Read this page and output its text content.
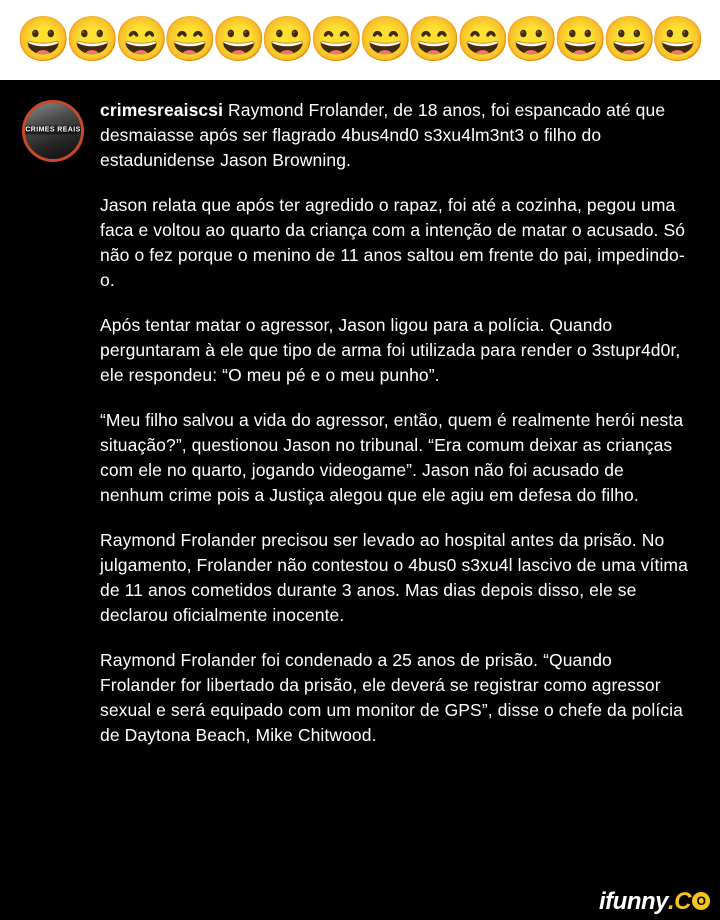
😀
😀
😄
😄
😀
😀
😄
😄
😄
😄
😀
😀
😀
😀
CRIMES REAIS

crimesreaiscsi Raymond Frolander, de 18 anos, foi espancado até que desmaiasse após ser flagrado 4bus4nd0 s3xu4lm3nt3 o filho do estadunidense Jason Browning.

Jason relata que após ter agredido o rapaz, foi até a cozinha, pegou uma faca e voltou ao quarto da criança com a intenção de matar o acusado. Só não o fez porque o menino de 11 anos saltou em frente do pai, impedindo-o.

Após tentar matar o agressor, Jason ligou para a polícia. Quando perguntaram à ele que tipo de arma foi utilizada para render o 3stupr4d0r, ele respondeu: “O meu pé e o meu punho”.

“Meu filho salvou a vida do agressor, então, quem é realmente herói nesta situação?”, questionou Jason no tribunal. “Era comum deixar as crianças com ele no quarto, jogando videogame”. Jason não foi acusado de nenhum crime pois a Justiça alegou que ele agiu em defesa do filho.

Raymond Frolander precisou ser levado ao hospital antes da prisão. No julgamento, Frolander não contestou o 4bus0 s3xu4l lascivo de uma vítima de 11 anos cometidos durante 3 anos. Mas dias depois disso, ele se declarou oficialmente inocente.

Raymond Frolander foi condenado a 25 anos de prisão. “Quando Frolander for libertado da prisão, ele deverá se registrar como agressor sexual e será equipado com um monitor de GPS”, disse o chefe da polícia de Daytona Beach, Mike Chitwood.

ifunny .C O
